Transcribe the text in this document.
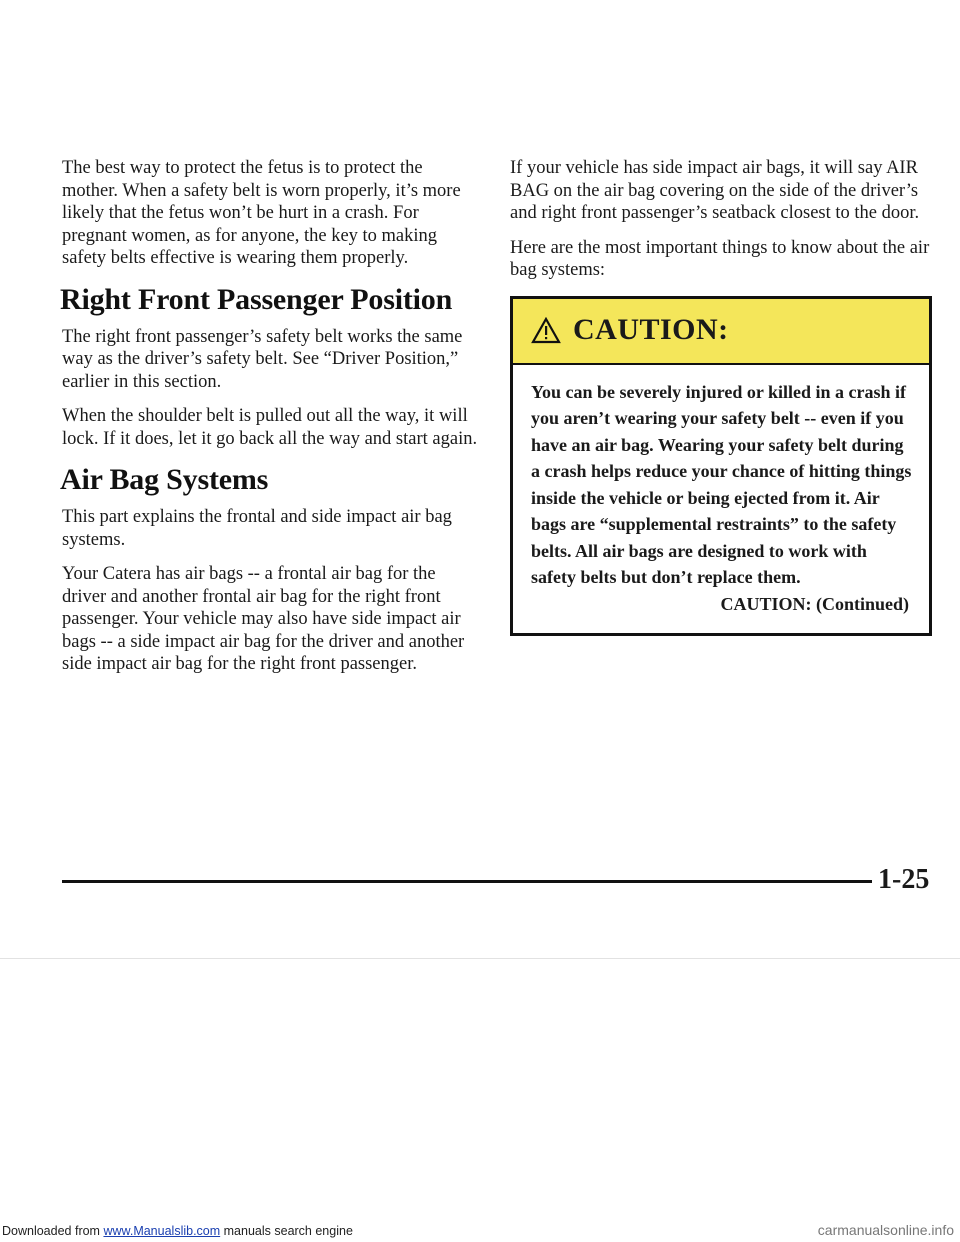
The best way to protect the fetus is to protect the mother. When a safety belt is worn properly, it’s more likely that the fetus won’t be hurt in a crash. For pregnant women, as for anyone, the key to making safety belts effective is wearing them properly.

Right Front Passenger Position

The right front passenger’s safety belt works the same way as the driver’s safety belt. See “Driver Position,” earlier in this section.

When the shoulder belt is pulled out all the way, it will lock. If it does, let it go back all the way and start again.

Air Bag Systems

This part explains the frontal and side impact air bag systems.

Your Catera has air bags -- a frontal air bag for the driver and another frontal air bag for the right front passenger. Your vehicle may also have side impact air bags -- a side impact air bag for the driver and another side impact air bag for the right front passenger.

If your vehicle has side impact air bags, it will say AIR BAG on the air bag covering on the side of the driver’s and right front passenger’s seatback closest to the door.

Here are the most important things to know about the air bag systems:

CAUTION:
You can be severely injured or killed in a crash if you aren’t wearing your safety belt -- even if you have an air bag. Wearing your safety belt during a crash helps reduce your chance of hitting things inside the vehicle or being ejected from it. Air bags are “supplemental restraints” to the safety belts. All air bags are designed to work with safety belts but don’t replace them.
CAUTION: (Continued)
1-25
Downloaded from www.Manualslib.com manuals search engine	carmanualsonline.info
